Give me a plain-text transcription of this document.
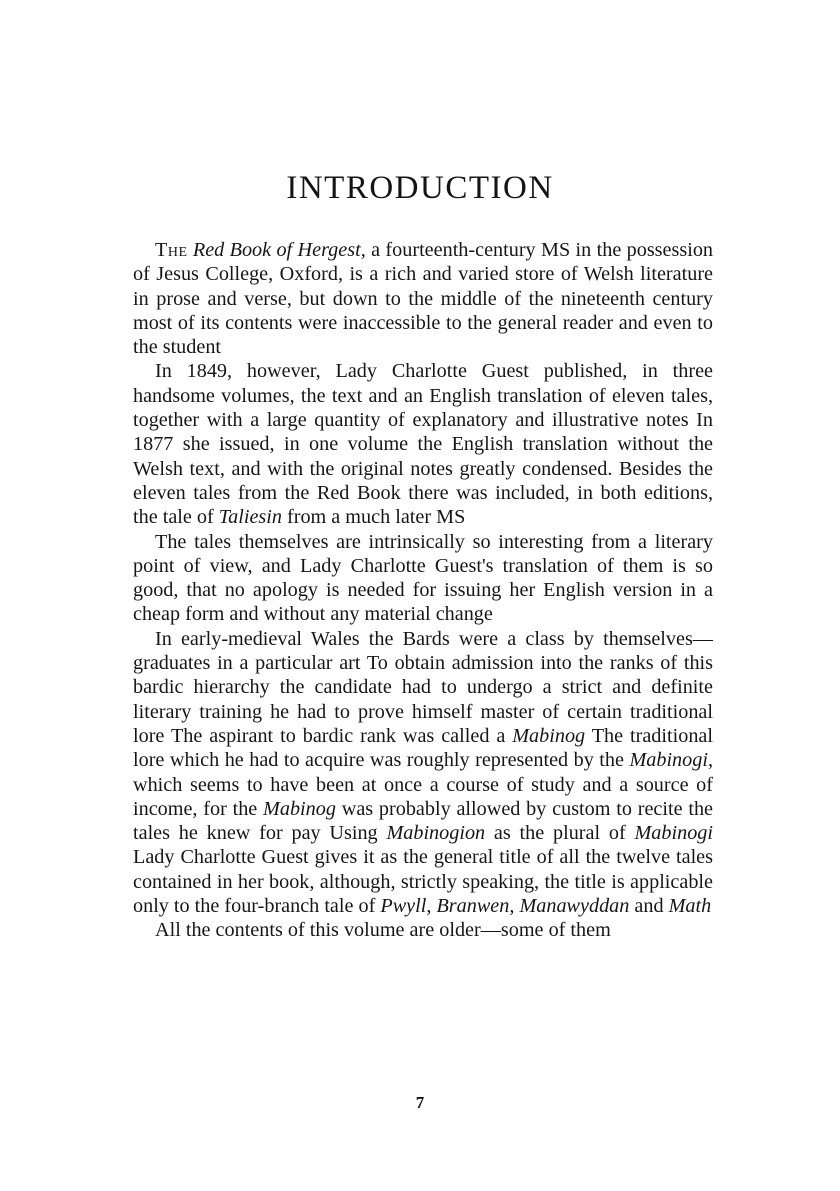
INTRODUCTION

The Red Book of Hergest, a fourteenth-century MS in the possession of Jesus College, Oxford, is a rich and varied store of Welsh literature in prose and verse, but down to the middle of the nineteenth century most of its contents were inaccessible to the general reader and even to the student

In 1849, however, Lady Charlotte Guest published, in three handsome volumes, the text and an English translation of eleven tales, together with a large quantity of explanatory and illustrative notes In 1877 she issued, in one volume the English translation without the Welsh text, and with the original notes greatly condensed. Besides the eleven tales from the Red Book there was included, in both editions, the tale of Taliesin from a much later MS

The tales themselves are intrinsically so interesting from a literary point of view, and Lady Charlotte Guest's translation of them is so good, that no apology is needed for issuing her English version in a cheap form and without any material change

In early-medieval Wales the Bards were a class by themselves—graduates in a particular art To obtain admission into the ranks of this bardic hierarchy the candidate had to undergo a strict and definite literary training he had to prove himself master of certain traditional lore The aspirant to bardic rank was called a Mabinog The traditional lore which he had to acquire was roughly represented by the Mabinogi, which seems to have been at once a course of study and a source of income, for the Mabinog was probably allowed by custom to recite the tales he knew for pay Using Mabinogion as the plural of Mabinogi Lady Charlotte Guest gives it as the general title of all the twelve tales contained in her book, although, strictly speaking, the title is applicable only to the four-branch tale of Pwyll, Branwen, Manawyddan and Math

All the contents of this volume are older—some of them

7
